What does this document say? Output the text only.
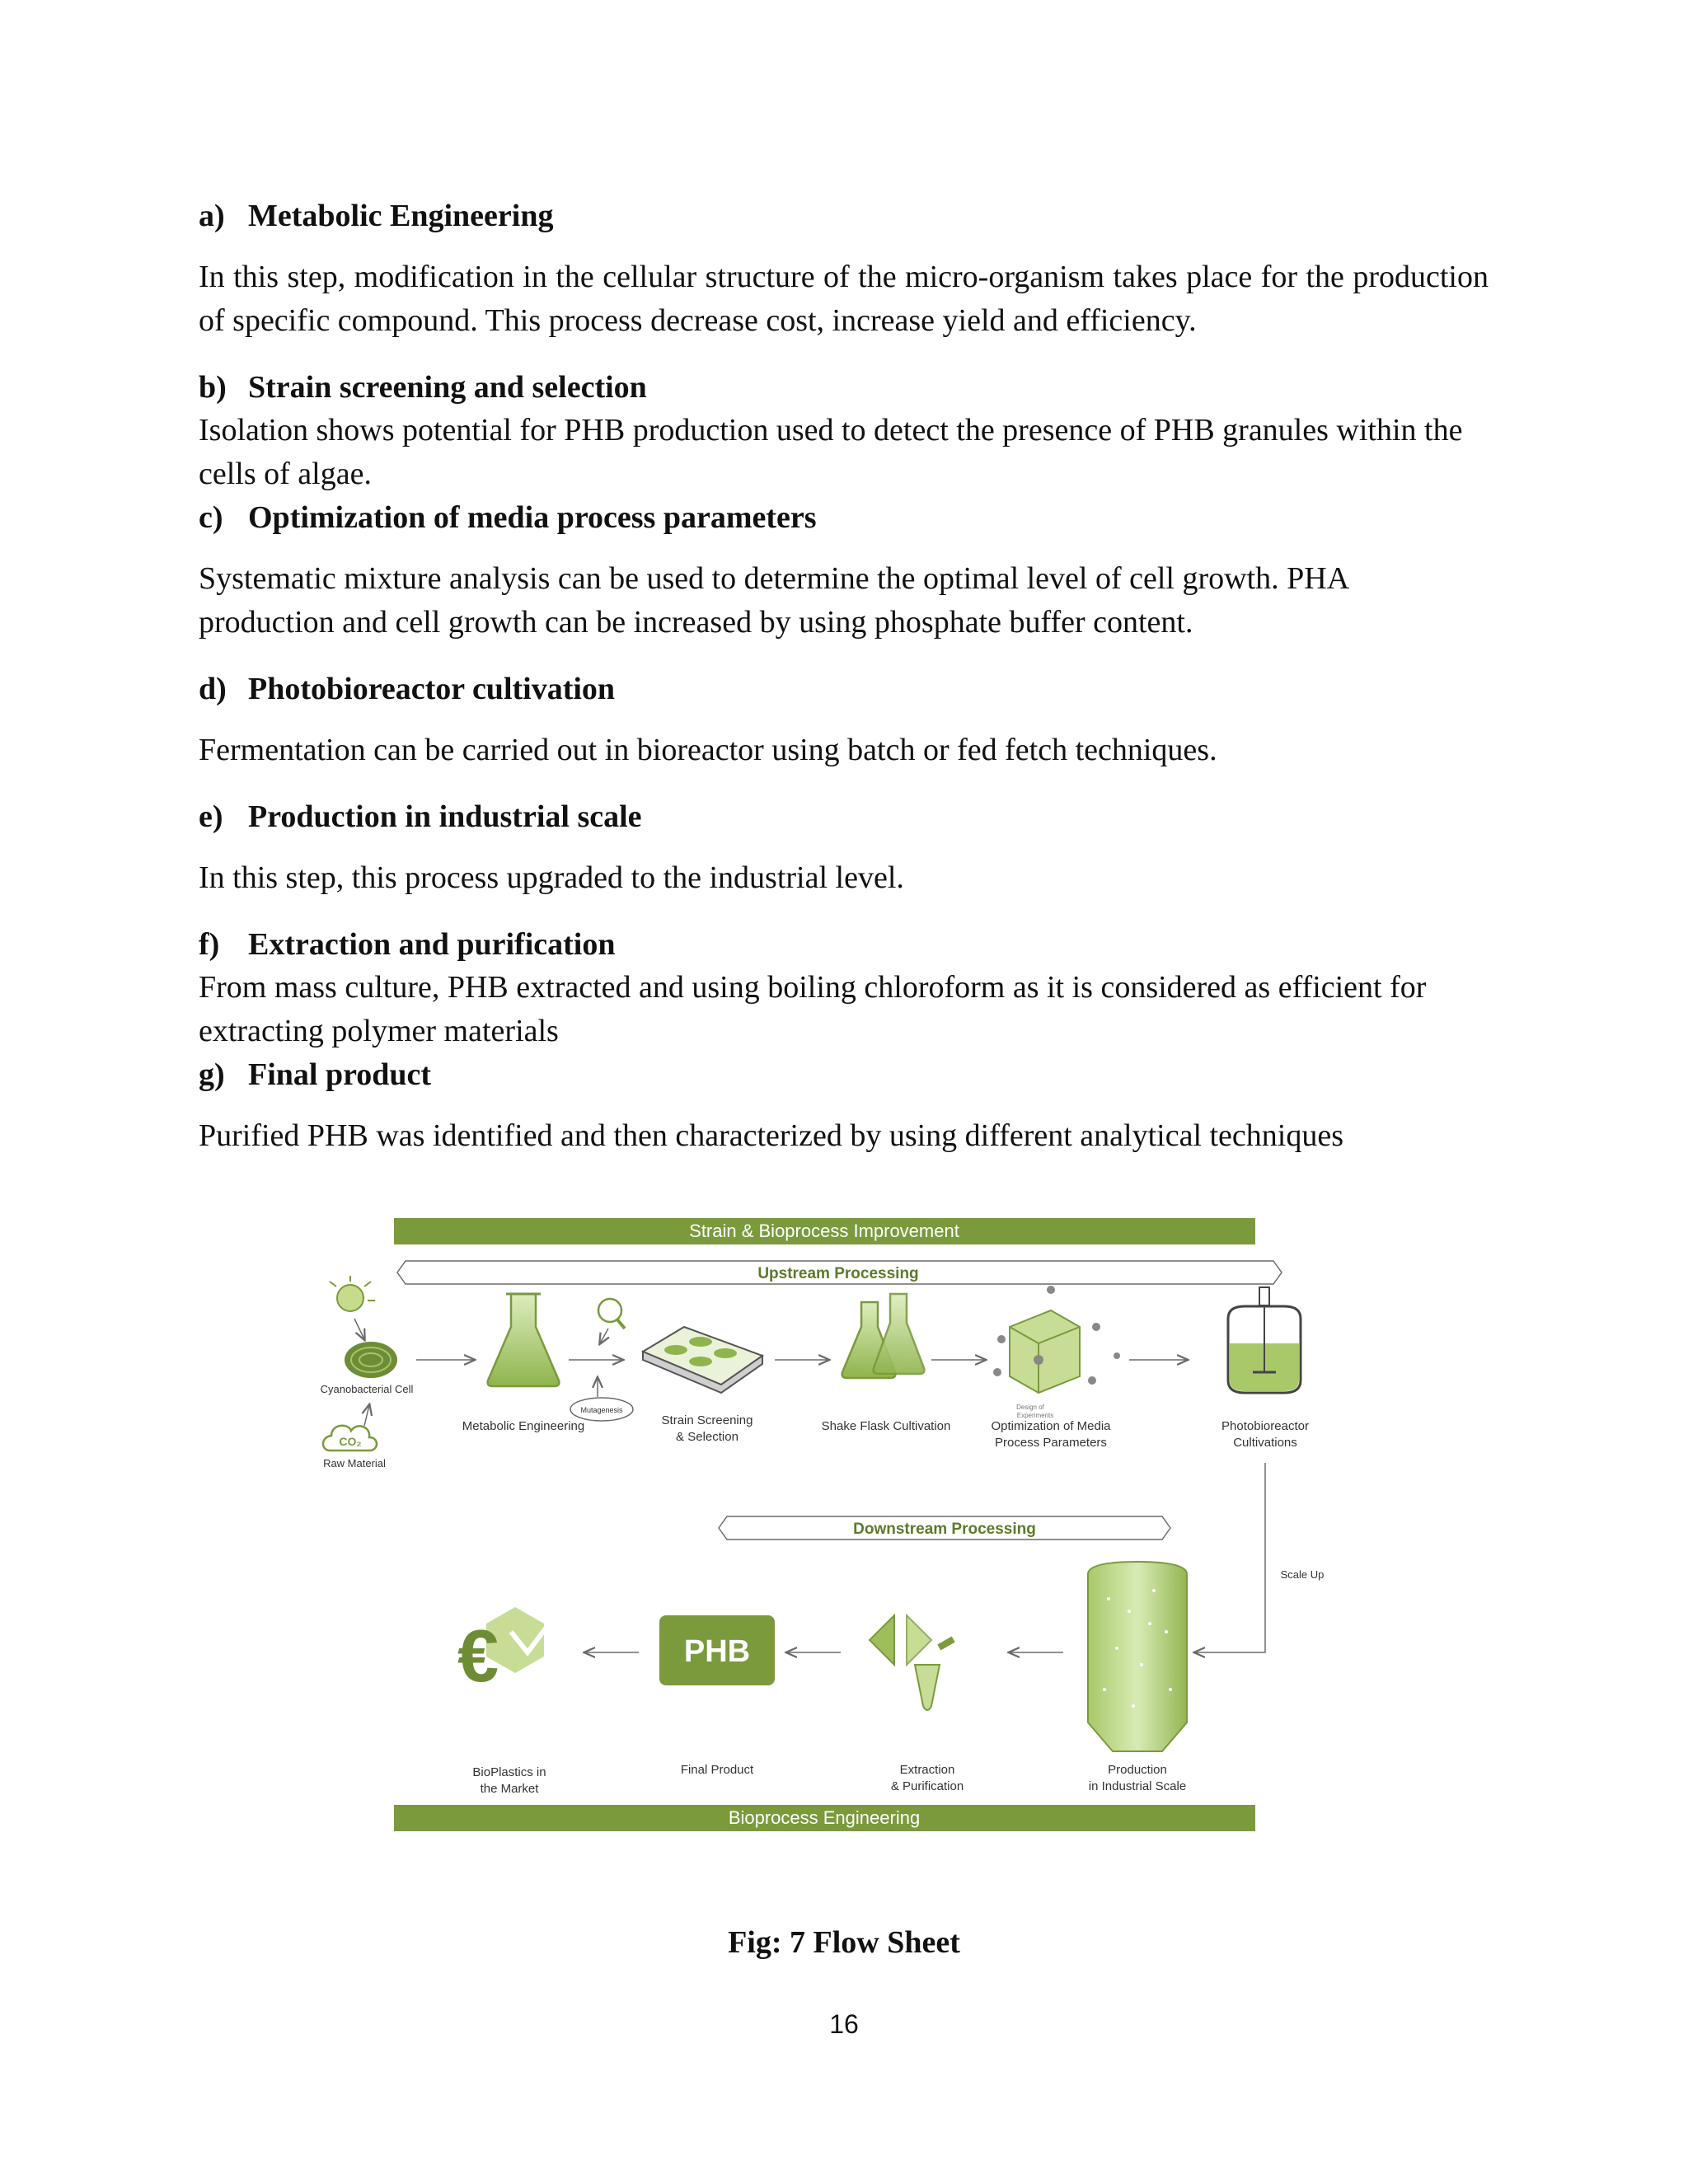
a) Metabolic Engineering

In this step, modification in the cellular structure of the micro-organism takes place for the production of specific compound. This process decrease cost, increase yield and efficiency.

b) Strain screening and selection

Isolation shows potential for PHB production used to detect the presence of PHB granules within the cells of algae.

c) Optimization of media process parameters

Systematic mixture analysis can be used to determine the optimal level of cell growth. PHA production and cell growth can be increased by using phosphate buffer content.

d) Photobioreactor cultivation

Fermentation can be carried out in bioreactor using batch or fed fetch techniques.

e) Production in industrial scale

In this step, this process upgraded to the industrial level.

f) Extraction and purification

From mass culture, PHB extracted and using boiling chloroform as it is considered as efficient for extracting polymer materials

g) Final product

Purified PHB was identified and then characterized by using different analytical techniques

Strain & Bioprocess Improvement
Upstream Processing
Cyanobacterial Cell
CO₂
Raw Material
Metabolic Engineering
Mutagenesis
Strain Screening
& Selection
Shake Flask Cultivation
Design of
Experiments
Optimization of Media
Process Parameters
Photobioreactor
Cultivations
Downstream Processing
Scale Up
Production
in Industrial Scale
Extraction
& Purification
PHB
Final Product
€
BioPlastics in
the Market
Bioprocess Engineering
Fig: 7 Flow Sheet
16
